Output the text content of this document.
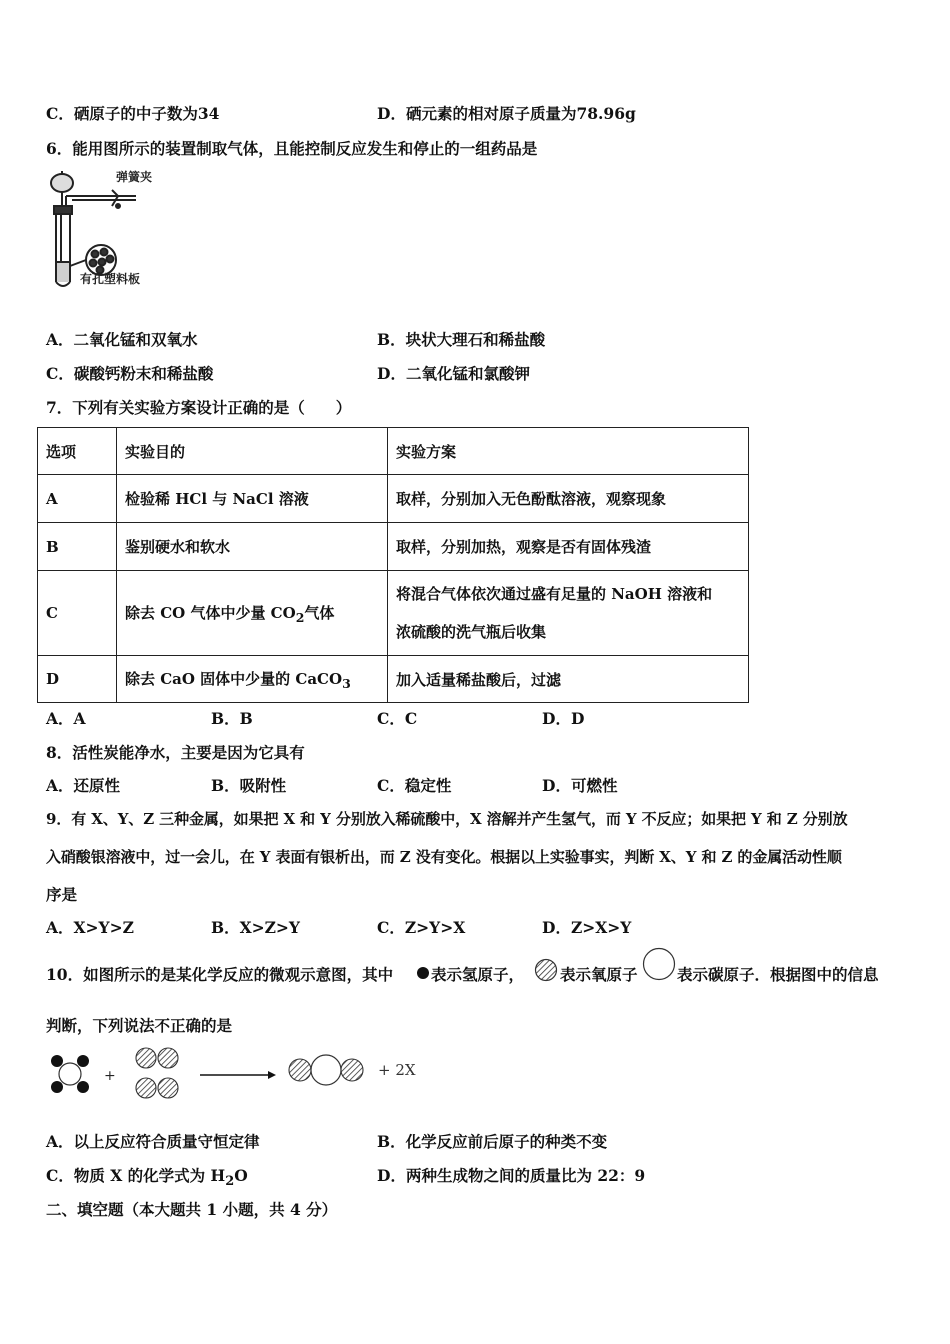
C．硒原子的中子数为34	D．硒元素的相对原子质量为78.96g
6．能用图所示的装置制取气体，且能控制反应发生和停止的一组药品是
弹簧夹
有孔塑料板
A．二氧化锰和双氧水	B．块状大理石和稀盐酸
C．碳酸钙粉末和稀盐酸	D．二氧化锰和氯酸钾
7．下列有关实验方案设计正确的是（　　）
选项	实验目的	实验方案
A	检验稀 HCl 与 NaCl 溶液	取样，分别加入无色酚酞溶液，观察现象
B	鉴别硬水和软水	取样，分别加热，观察是否有固体残渣
C	除去 CO 气体中少量 $CO_2$气体	将混合气体依次通过盛有足量的 NaOH 溶液和
浓硫酸的洗气瓶后收集

D	除去 CaO 固体中少量的 CaCO$_3$	加入适量稀盐酸后，过滤
A．A	B．B	C．C	D．D
8．活性炭能净水，主要是因为它具有
A．还原性	B．吸附性	C．稳定性	D．可燃性
9．有 X、Y、Z 三种金属，如果把 X 和 Y 分别放入稀硫酸中，X 溶解并产生氢气，而 Y 不反应；如果把 Y 和 Z 分别放
入硝酸银溶液中，过一会儿，在 Y 表面有银析出，而 Z 没有变化。根据以上实验事实，判断 X、Y 和 Z 的金属活动性顺
序是
A．X>Y>Z	B．X>Z>Y	C．Z>Y>X	D．Z>X>Y
10．如图所示的是某化学反应的微观示意图，其中 表示氢原子， 表示氧原子	表示碳原子．根据图中的信息
判断，下列说法不正确的是
+	+ 2X
A．以上反应符合质量守恒定律	B．化学反应前后原子的种类不变
C．物质 X 的化学式为 $H_2O$	D．两种生成物之间的质量比为 22：9
二、填空题（本大题共 1 小题，共 4 分）
